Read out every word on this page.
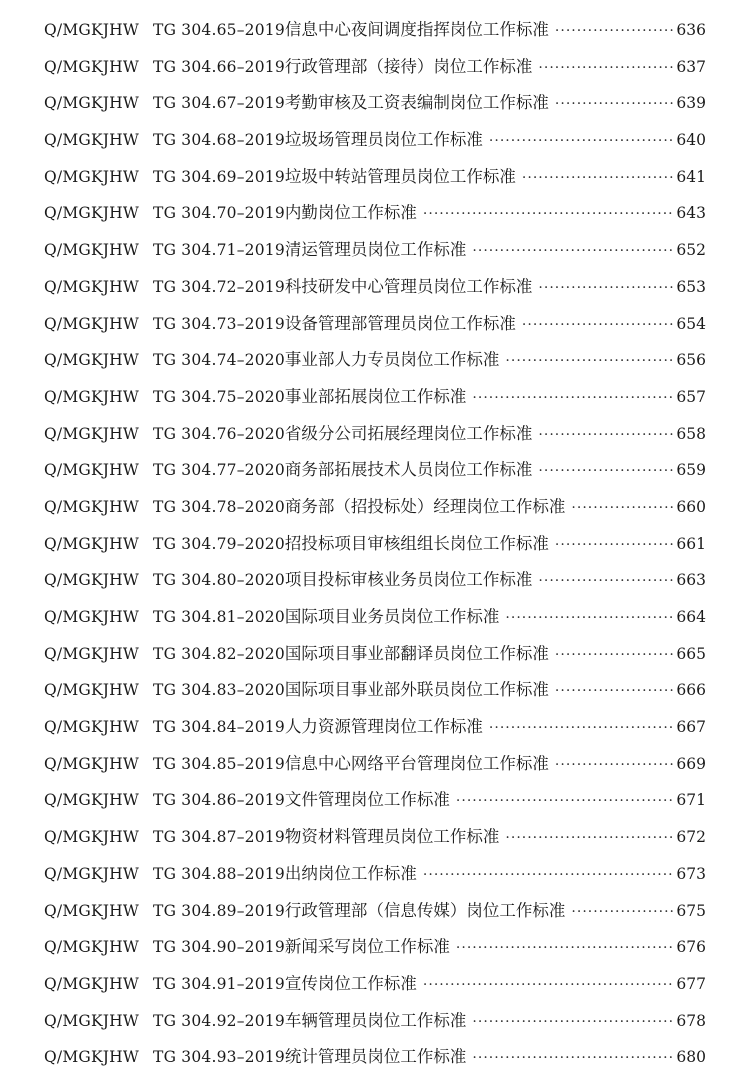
Q/MGKJHW TG 304.65–2019 信息中心夜间调度指挥岗位工作标准 ·····	636
Q/MGKJHW TG 304.66–2019 行政管理部（接待）岗位工作标准 ·····	637
Q/MGKJHW TG 304.67–2019 考勤审核及工资表编制岗位工作标准 ·····	639
Q/MGKJHW TG 304.68–2019 垃圾场管理员岗位工作标准 ·····	640
Q/MGKJHW TG 304.69–2019 垃圾中转站管理员岗位工作标准 ·····	641
Q/MGKJHW TG 304.70–2019 内勤岗位工作标准 ·····	643
Q/MGKJHW TG 304.71–2019 清运管理员岗位工作标准 ·····	652
Q/MGKJHW TG 304.72–2019 科技研发中心管理员岗位工作标准 ·····	653
Q/MGKJHW TG 304.73–2019 设备管理部管理员岗位工作标准 ·····	654
Q/MGKJHW TG 304.74–2020 事业部人力专员岗位工作标准 ·····	656
Q/MGKJHW TG 304.75–2020 事业部拓展岗位工作标准 ·····	657
Q/MGKJHW TG 304.76–2020 省级分公司拓展经理岗位工作标准 ·····	658
Q/MGKJHW TG 304.77–2020 商务部拓展技术人员岗位工作标准 ·····	659
Q/MGKJHW TG 304.78–2020 商务部（招投标处）经理岗位工作标准 ·····	660
Q/MGKJHW TG 304.79–2020 招投标项目审核组组长岗位工作标准 ·····	661
Q/MGKJHW TG 304.80–2020 项目投标审核业务员岗位工作标准 ·····	663
Q/MGKJHW TG 304.81–2020 国际项目业务员岗位工作标准 ·····	664
Q/MGKJHW TG 304.82–2020 国际项目事业部翻译员岗位工作标准 ·····	665
Q/MGKJHW TG 304.83–2020 国际项目事业部外联员岗位工作标准 ·····	666
Q/MGKJHW TG 304.84–2019 人力资源管理岗位工作标准 ·····	667
Q/MGKJHW TG 304.85–2019 信息中心网络平台管理岗位工作标准 ·····	669
Q/MGKJHW TG 304.86–2019 文件管理岗位工作标准 ·····	671
Q/MGKJHW TG 304.87–2019 物资材料管理员岗位工作标准 ·····	672
Q/MGKJHW TG 304.88–2019 出纳岗位工作标准 ·····	673
Q/MGKJHW TG 304.89–2019 行政管理部（信息传媒）岗位工作标准 ·····	675
Q/MGKJHW TG 304.90–2019 新闻采写岗位工作标准 ·····	676
Q/MGKJHW TG 304.91–2019 宣传岗位工作标准 ·····	677
Q/MGKJHW TG 304.92–2019 车辆管理员岗位工作标准 ·····	678
Q/MGKJHW TG 304.93–2019 统计管理员岗位工作标准 ·····	680
